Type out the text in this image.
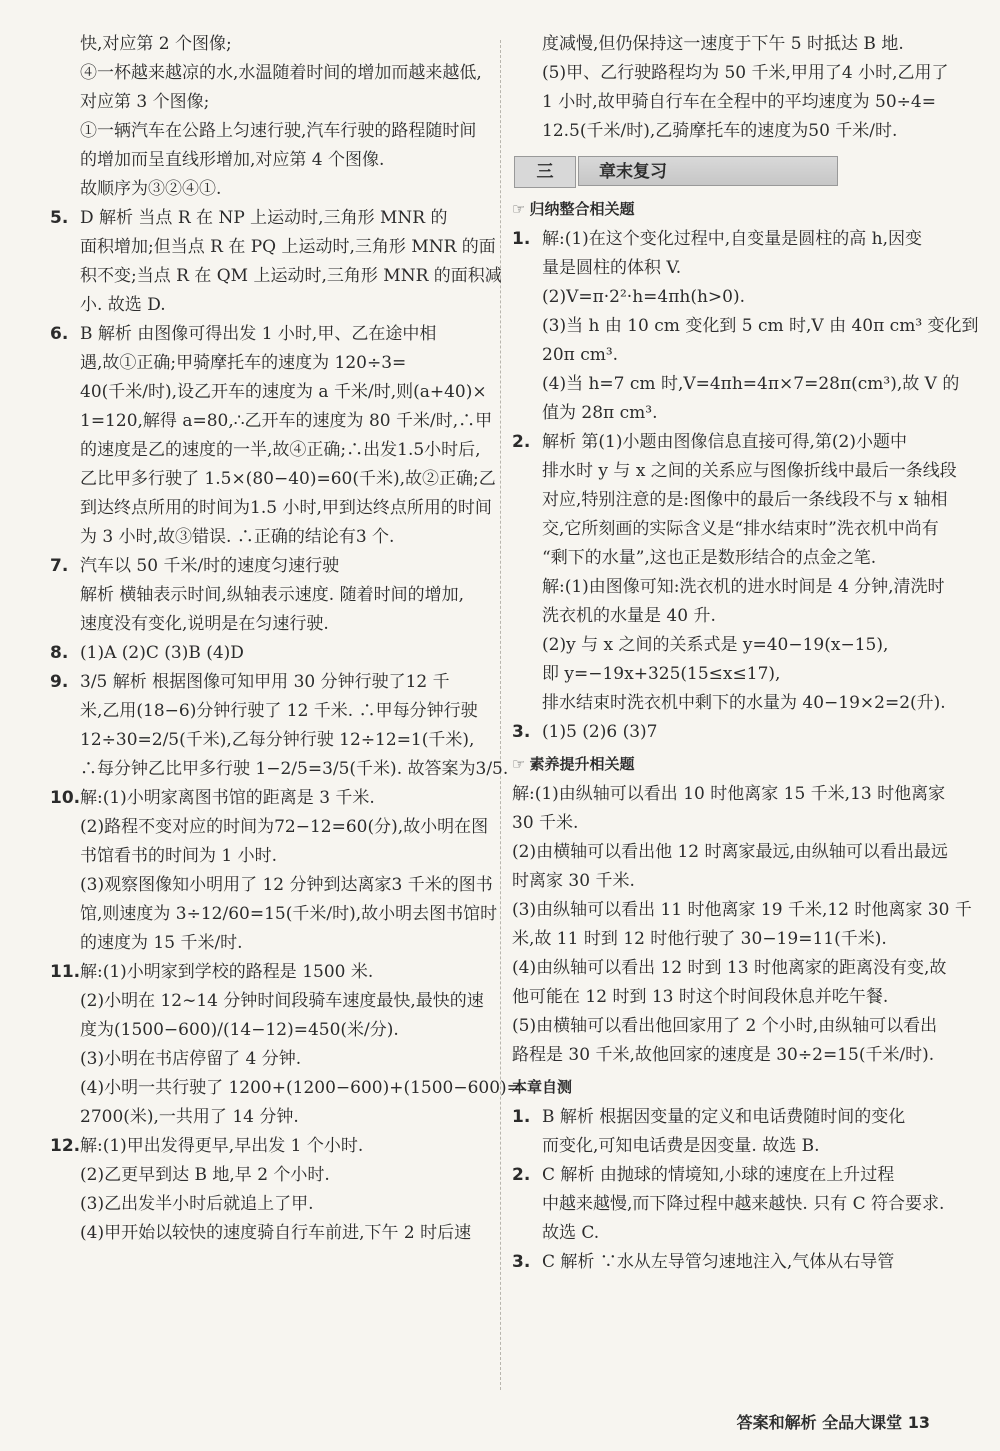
快,对应第 2 个图像;
④一杯越来越凉的水,水温随着时间的增加而越来越低,
对应第 3 个图像;
①一辆汽车在公路上匀速行驶,汽车行驶的路程随时间
的增加而呈直线形增加,对应第 4 个图像.
故顺序为③②④①.
5. D 解析 当点 R 在 NP 上运动时,三角形 MNR 的
面积增加;但当点 R 在 PQ 上运动时,三角形 MNR 的面
积不变;当点 R 在 QM 上运动时,三角形 MNR 的面积减
小. 故选 D.
6. B 解析 由图像可得出发 1 小时,甲、乙在途中相
遇,故①正确;甲骑摩托车的速度为 120÷3=
40(千米/时),设乙开车的速度为 a 千米/时,则(a+40)×
1=120,解得 a=80,∴乙开车的速度为 80 千米/时,∴甲
的速度是乙的速度的一半,故④正确;∴出发1.5小时后,
乙比甲多行驶了 1.5×(80−40)=60(千米),故②正确;乙
到达终点所用的时间为1.5 小时,甲到达终点所用的时间
为 3 小时,故③错误. ∴正确的结论有3 个.
7. 汽车以 50 千米/时的速度匀速行驶
解析 横轴表示时间,纵轴表示速度. 随着时间的增加,
速度没有变化,说明是在匀速行驶.
8. (1)A (2)C (3)B (4)D
9. 3/5 解析 根据图像可知甲用 30 分钟行驶了12 千
米,乙用(18−6)分钟行驶了 12 千米. ∴甲每分钟行驶
12÷30=2/5(千米),乙每分钟行驶 12÷12=1(千米),
∴每分钟乙比甲多行驶 1−2/5=3/5(千米). 故答案为3/5.
10. 解:(1)小明家离图书馆的距离是 3 千米.
(2)路程不变对应的时间为72−12=60(分),故小明在图
书馆看书的时间为 1 小时.
(3)观察图像知小明用了 12 分钟到达离家3 千米的图书
馆,则速度为 3÷12/60=15(千米/时),故小明去图书馆时
的速度为 15 千米/时.
11. 解:(1)小明家到学校的路程是 1500 米.
(2)小明在 12∼14 分钟时间段骑车速度最快,最快的速
度为(1500−600)/(14−12)=450(米/分).
(3)小明在书店停留了 4 分钟.
(4)小明一共行驶了 1200+(1200−600)+(1500−600)=
2700(米),一共用了 14 分钟.
12. 解:(1)甲出发得更早,早出发 1 个小时.
(2)乙更早到达 B 地,早 2 个小时.
(3)乙出发半小时后就追上了甲.
(4)甲开始以较快的速度骑自行车前进,下午 2 时后速
度减慢,但仍保持这一速度于下午 5 时抵达 B 地.
(5)甲、乙行驶路程均为 50 千米,甲用了4 小时,乙用了
1 小时,故甲骑自行车在全程中的平均速度为 50÷4=
12.5(千米/时),乙骑摩托车的速度为50 千米/时.
三	章末复习
☞ 归纳整合相关题
1. 解:(1)在这个变化过程中,自变量是圆柱的高 h,因变
量是圆柱的体积 V.
(2)V=π·2²·h=4πh(h>0).
(3)当 h 由 10 cm 变化到 5 cm 时,V 由 40π cm³ 变化到
20π cm³.
(4)当 h=7 cm 时,V=4πh=4π×7=28π(cm³),故 V 的
值为 28π cm³.
2. 解析 第(1)小题由图像信息直接可得,第(2)小题中
排水时 y 与 x 之间的关系应与图像折线中最后一条线段
对应,特别注意的是:图像中的最后一条线段不与 x 轴相
交,它所刻画的实际含义是“排水结束时”洗衣机中尚有
“剩下的水量”,这也正是数形结合的点金之笔.
解:(1)由图像可知:洗衣机的进水时间是 4 分钟,清洗时
洗衣机的水量是 40 升.
(2)y 与 x 之间的关系式是 y=40−19(x−15),
即 y=−19x+325(15≤x≤17),
排水结束时洗衣机中剩下的水量为 40−19×2=2(升).
3. (1)5 (2)6 (3)7
☞ 素养提升相关题
解:(1)由纵轴可以看出 10 时他离家 15 千米,13 时他离家
30 千米.
(2)由横轴可以看出他 12 时离家最远,由纵轴可以看出最远
时离家 30 千米.
(3)由纵轴可以看出 11 时他离家 19 千米,12 时他离家 30 千
米,故 11 时到 12 时他行驶了 30−19=11(千米).
(4)由纵轴可以看出 12 时到 13 时他离家的距离没有变,故
他可能在 12 时到 13 时这个时间段休息并吃午餐.
(5)由横轴可以看出他回家用了 2 个小时,由纵轴可以看出
路程是 30 千米,故他回家的速度是 30÷2=15(千米/时).
本章自测
1. B 解析 根据因变量的定义和电话费随时间的变化
而变化,可知电话费是因变量. 故选 B.
2. C 解析 由抛球的情境知,小球的速度在上升过程
中越来越慢,而下降过程中越来越快. 只有 C 符合要求.
故选 C.
3. C 解析 ∵水从左导管匀速地注入,气体从右导管
答案和解析 全品大课堂 13
